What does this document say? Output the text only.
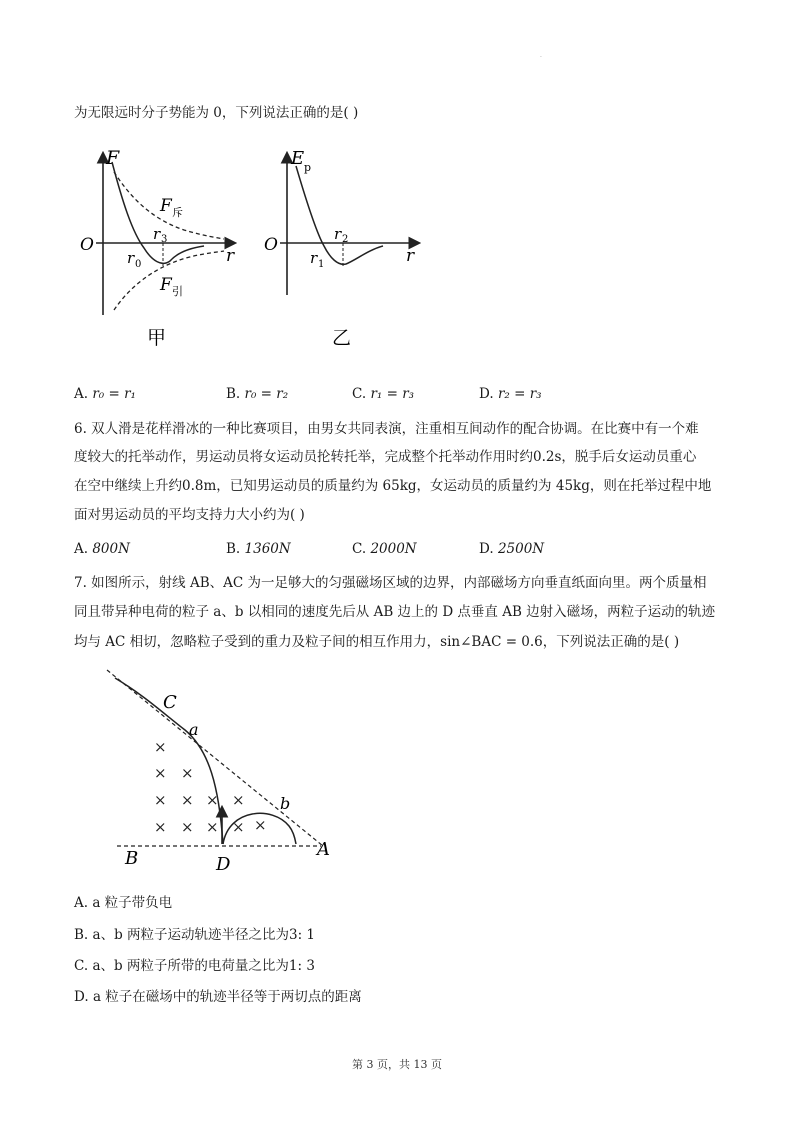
·
为无限远时分子势能为 0，下列说法正确的是( )
F
O
r
F 斥
F 引
r 0
r 3
甲
E p
O
r
r 1
r 2
乙
A. r₀ = r₁	B. r₀ = r₂	C. r₁ = r₃	D. r₂ = r₃
6. 双人滑是花样滑冰的一种比赛项目，由男女共同表演，注重相互间动作的配合协调。在比赛中有一个难
度较大的托举动作，男运动员将女运动员抡转托举，完成整个托举动作用时约0.2s，脱手后女运动员重心
在空中继续上升约0.8m，已知男运动员的质量约为 65kg，女运动员的质量约为 45kg，则在托举过程中地
面对男运动员的平均支持力大小约为( )
A. 800N	B. 1360N	C. 2000N	D. 2500N
7. 如图所示，射线 AB、AC 为一足够大的匀强磁场区域的边界，内部磁场方向垂直纸面向里。两个质量相
同且带异种电荷的粒子 a、b 以相同的速度先后从 AB 边上的 D 点垂直 AB 边射入磁场，两粒子运动的轨迹
均与 AC 相切，忽略粒子受到的重力及粒子间的相互作用力，sin∠BAC = 0.6，下列说法正确的是( )
×
× ×
× × × ×
× × × × ×
C
a
b
B	D
A
A. a 粒子带负电
B. a、b 两粒子运动轨迹半径之比为3: 1
C. a、b 两粒子所带的电荷量之比为1: 3
D. a 粒子在磁场中的轨迹半径等于两切点的距离
第 3 页，共 13 页
